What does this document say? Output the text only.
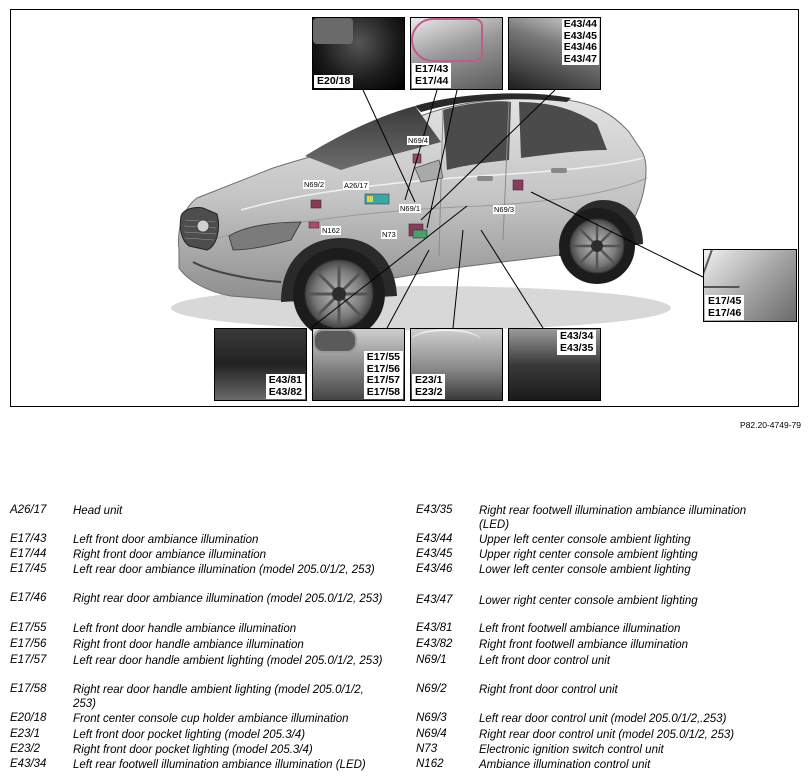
E20/18
E17/43
E17/44
E43/44
E43/45
E43/46
E43/47
E17/45
E17/46
E43/81
E43/82
E17/55
E17/56
E17/57
E17/58
E23/1
E23/2
E43/34
E43/35
N69/4
N69/2	A26/17
N69/1	N69/3
N162	N73
P82.20-4749-79
A26/17	Head unit
E17/43	Left front door ambiance illumination
E17/44	Right front door ambiance illumination
E17/45	Left rear door ambiance illumination (model 205.0/1/2, 253)
E17/46	Right rear door ambiance illumination (model 205.0/1/2, 253)
E17/55	Left front door handle ambiance illumination
E17/56	Right front door handle ambiance illumination
E17/57	Left rear door handle ambient lighting (model 205.0/1/2, 253)
E17/58	Right rear door handle ambient lighting (model 205.0/1/2, 253)
E20/18	Front center console cup holder ambiance illumination
E23/1	Left front door pocket lighting (model 205.3/4)
E23/2	Right front door pocket lighting (model 205.3/4)
E43/34	Left rear footwell illumination ambiance illumination (LED)
E43/35	Right rear footwell illumination ambiance illumination (LED)
E43/44	Upper left center console ambient lighting
E43/45	Upper right center console ambient lighting
E43/46	Lower left center console ambient lighting
E43/47	Lower right center console ambient lighting
E43/81	Left front footwell ambiance illumination
E43/82	Right front footwell ambiance illumination
N69/1	Left front door control unit
N69/2	Right front door control unit
N69/3	Left rear door control unit (model 205.0/1/2,.253)
N69/4	Right rear door control unit (model 205.0/1/2, 253)
N73	Electronic ignition switch control unit
N162	Ambiance illumination control unit
